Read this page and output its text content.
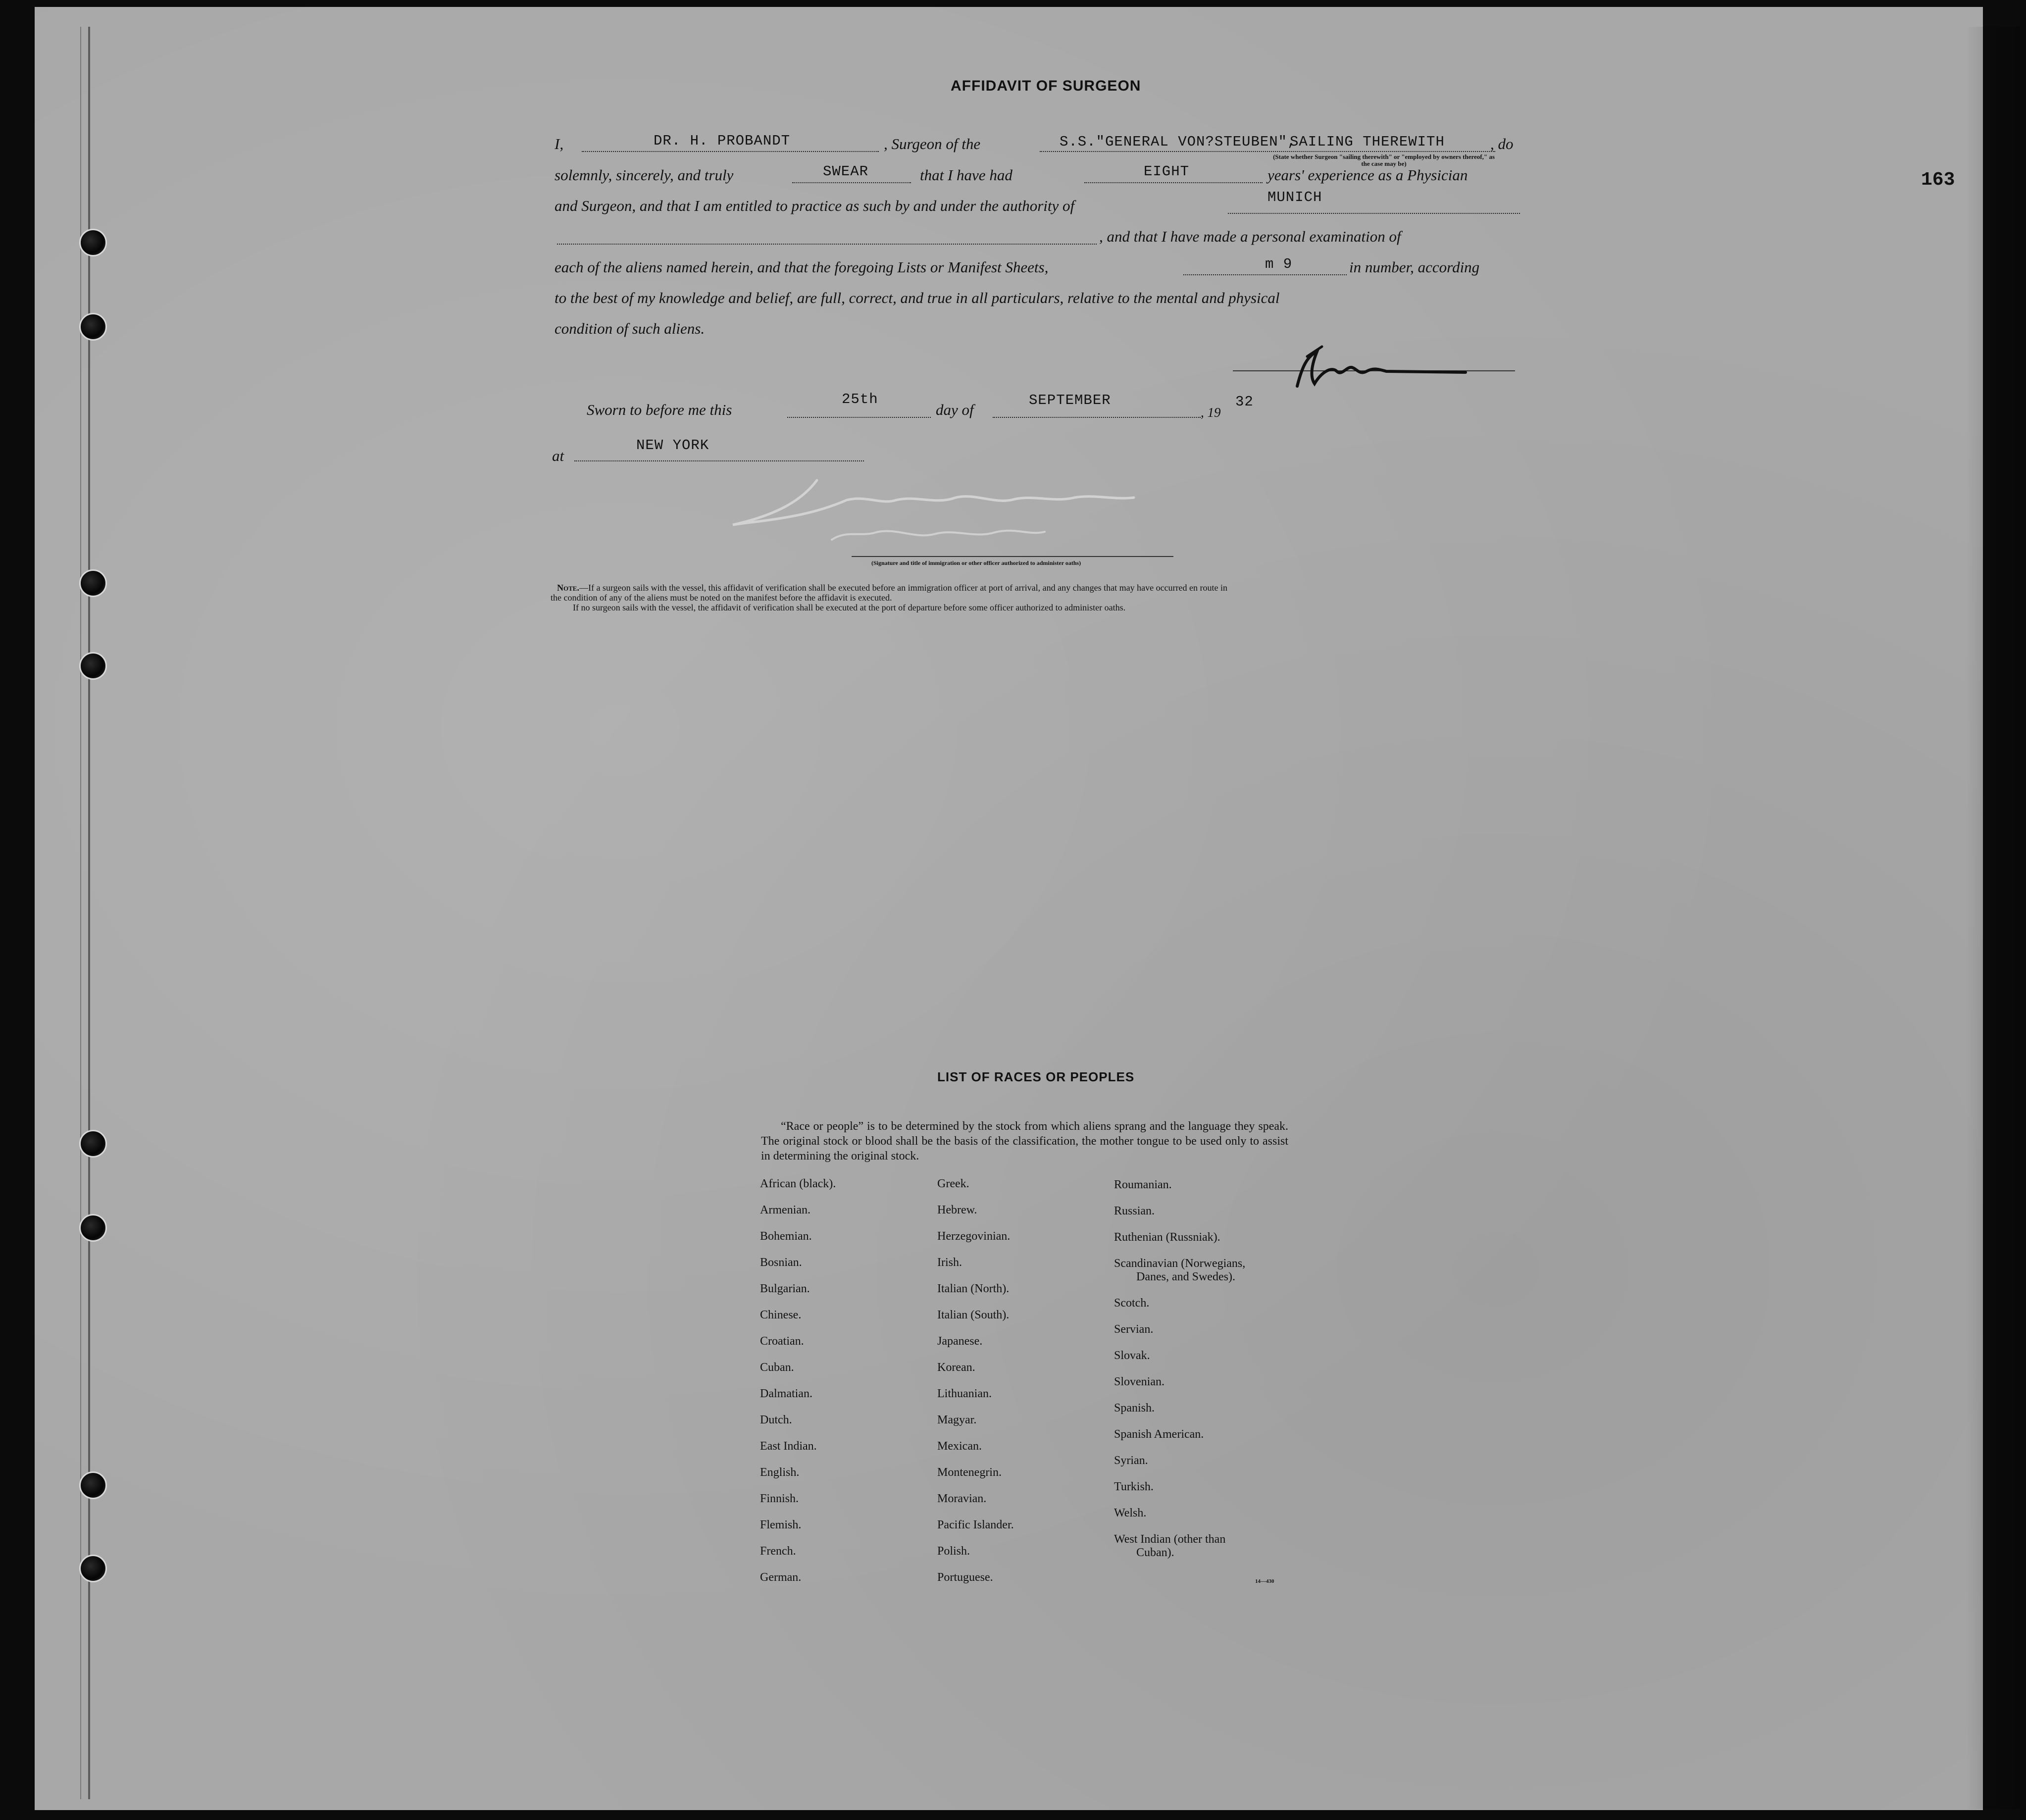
163
AFFIDAVIT OF SURGEON
I,	DR. H. PROBANDT	, Surgeon of the	S.S."GENERAL VON?STEUBEN",
SAILING THEREWITH	, do
(State whether Surgeon "sailing therewith" or "employed by owners thereof," as the case may be)
solemnly, sincerely, and truly	SWEAR	that I have had	EIGHT	years' experience as a Physician
and Surgeon, and that I am entitled to practice as such by and under the authority of	MUNICH
, and that I have made a personal examination of
each of the aliens named herein, and that the foregoing Lists or Manifest Sheets,	m 9	in number, according
to the best of my knowledge and belief, are full, correct, and true in all particulars, relative to the mental and physical
condition of such aliens.
Sworn to before me this
25th
day of
SEPTEMBER
, 19
32
at
NEW YORK
(Signature and title of immigration or other officer authorized to administer oaths)
Note.—If a surgeon sails with the vessel, this affidavit of verification shall be executed before an immigration officer at port of arrival, and any changes that may have occurred en route in
the condition of any of the aliens must be noted on the manifest before the affidavit is executed.
If no surgeon sails with the vessel, the affidavit of verification shall be executed at the port of departure before some officer authorized to administer oaths.
LIST OF RACES OR PEOPLES
“Race or people” is to be determined by the stock from which aliens sprang and the language they speak. The original stock or blood shall be the basis of the classification, the mother tongue to be used only to assist in determining the original stock.
African (black).
Armenian.
Bohemian.
Bosnian.
Bulgarian.
Chinese.
Croatian.
Cuban.
Dalmatian.
Dutch.
East Indian.
English.
Finnish.
Flemish.
French.
German.
Greek.
Hebrew.
Herzegovinian.
Irish.
Italian (North).
Italian (South).
Japanese.
Korean.
Lithuanian.
Magyar.
Mexican.
Montenegrin.
Moravian.
Pacific Islander.
Polish.
Portuguese.
Roumanian.
Russian.
Ruthenian (Russniak).
Scandinavian (Norwegians,
Danes, and Swedes).
Scotch.
Servian.
Slovak.
Slovenian.
Spanish.
Spanish American.
Syrian.
Turkish.
Welsh.
West Indian (other than
Cuban).
14—430
